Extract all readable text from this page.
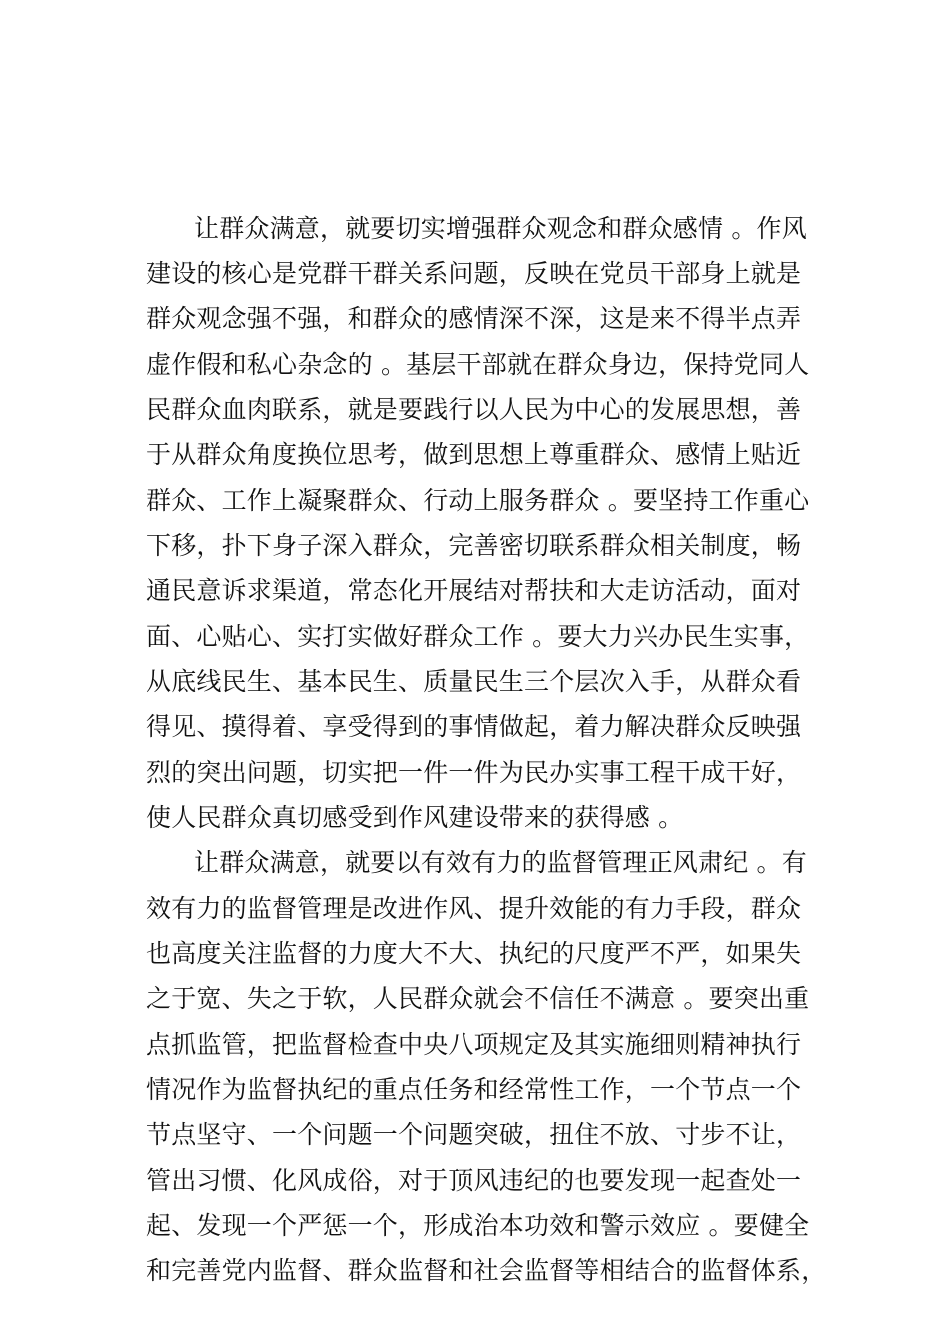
让群众满意，就要切实增强群众观念和群众感情 。作风
建设的核心是党群干群关系问题，反映在党员干部身上就是
群众观念强不强，和群众的感情深不深，这是来不得半点弄
虚作假和私心杂念的 。基层干部就在群众身边，保持党同人
民群众血肉联系，就是要践行以人民为中心的发展思想，善
于从群众角度换位思考，做到思想上尊重群众、感情上贴近
群众、工作上凝聚群众、行动上服务群众 。要坚持工作重心
下移，扑下身子深入群众，完善密切联系群众相关制度，畅
通民意诉求渠道，常态化开展结对帮扶和大走访活动，面对
面、心贴心、实打实做好群众工作 。要大力兴办民生实事，
从底线民生、基本民生、质量民生三个层次入手，从群众看
得见、摸得着、享受得到的事情做起，着力解决群众反映强
烈的突出问题，切实把一件一件为民办实事工程干成干好，
使人民群众真切感受到作风建设带来的获得感 。
让群众满意，就要以有效有力的监督管理正风肃纪 。有
效有力的监督管理是改进作风、提升效能的有力手段，群众
也高度关注监督的力度大不大、执纪的尺度严不严，如果失
之于宽、失之于软，人民群众就会不信任不满意 。要突出重
点抓监管，把监督检查中央八项规定及其实施细则精神执行
情况作为监督执纪的重点任务和经常性工作，一个节点一个
节点坚守、一个问题一个问题突破，扭住不放、寸步不让，
管出习惯、化风成俗，对于顶风违纪的也要发现一起查处一
起、发现一个严惩一个，形成治本功效和警示效应 。要健全
和完善党内监督、群众监督和社会监督等相结合的监督体系，
